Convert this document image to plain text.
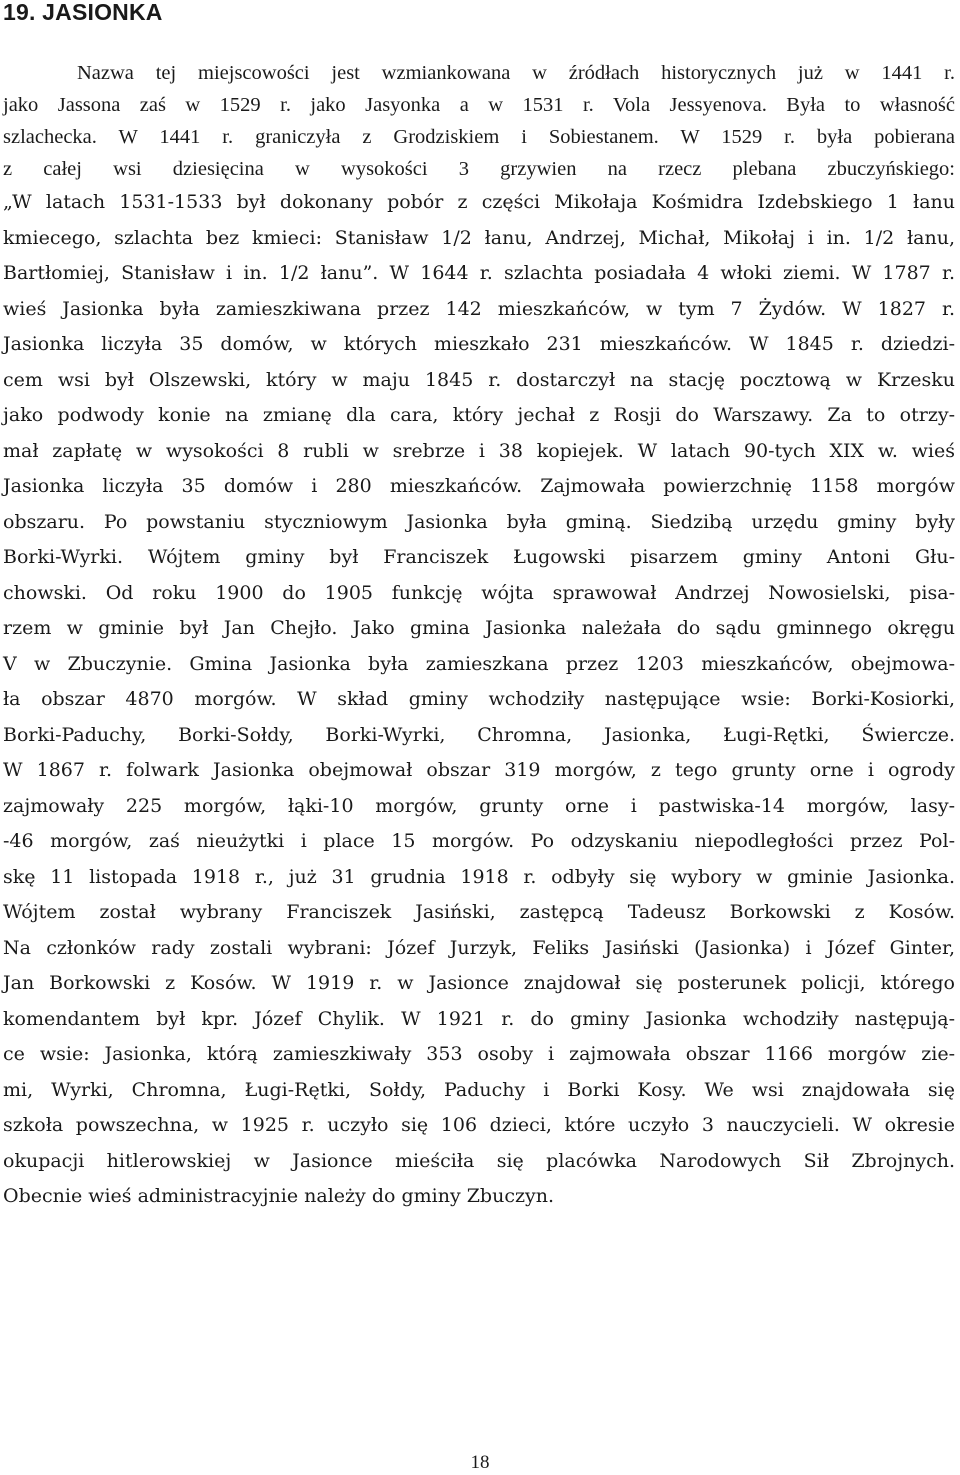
19. JASIONKA
Nazwa tej miejscowości jest wzmiankowana w źródłach historycznych już w 1441 r.
jako Jassona zaś w 1529 r. jako Jasyonka a w 1531 r. Vola Jessyenova. Była to własność
szlachecka. W 1441 r. graniczyła z Grodziskiem i Sobiestanem. W 1529 r. była pobierana
z całej wsi dziesięcina w wysokości 3 grzywien na rzecz plebana zbuczyńskiego:
„W latach 1531-1533 był dokonany pobór z części Mikołaja Kośmidra Izdebskiego 1 łanu
kmiecego, szlachta bez kmieci: Stanisław 1/2 łanu, Andrzej, Michał, Mikołaj i in. 1/2 łanu,
Bartłomiej, Stanisław i in. 1/2 łanu”. W 1644 r. szlachta posiadała 4 włoki ziemi. W 1787 r.
wieś Jasionka była zamieszkiwana przez 142 mieszkańców, w tym 7 Żydów. W 1827 r.
Jasionka liczyła 35 domów, w których mieszkało 231 mieszkańców. W 1845 r. dziedzi-
cem wsi był Olszewski, który w maju 1845 r. dostarczył na stację pocztową w Krzesku
jako podwody konie na zmianę dla cara, który jechał z Rosji do Warszawy. Za to otrzy-
mał zapłatę w wysokości 8 rubli w srebrze i 38 kopiejek. W latach 90-tych XIX w. wieś
Jasionka liczyła 35 domów i 280 mieszkańców. Zajmowała powierzchnię 1158 morgów
obszaru. Po powstaniu styczniowym Jasionka była gminą. Siedzibą urzędu gminy były
Borki-Wyrki. Wójtem gminy był Franciszek Ługowski pisarzem gminy Antoni Głu-
chowski. Od roku 1900 do 1905 funkcję wójta sprawował Andrzej Nowosielski, pisa-
rzem w gminie był Jan Chejło. Jako gmina Jasionka należała do sądu gminnego okręgu
V w Zbuczynie. Gmina Jasionka była zamieszkana przez 1203 mieszkańców, obejmowa-
ła obszar 4870 morgów. W skład gminy wchodziły następujące wsie: Borki-Kosiorki,
Borki-Paduchy, Borki-Sołdy, Borki-Wyrki, Chromna, Jasionka, Ługi-Rętki, Świercze.
W 1867 r. folwark Jasionka obejmował obszar 319 morgów, z tego grunty orne i ogrody
zajmowały 225 morgów, łąki-10 morgów, grunty orne i pastwiska-14 morgów, lasy-
-46 morgów, zaś nieużytki i place 15 morgów. Po odzyskaniu niepodległości przez Pol-
skę 11 listopada 1918 r., już 31 grudnia 1918 r. odbyły się wybory w gminie Jasionka.
Wójtem został wybrany Franciszek Jasiński, zastępcą Tadeusz Borkowski z Kosów.
Na członków rady zostali wybrani: Józef Jurzyk, Feliks Jasiński (Jasionka) i Józef Ginter,
Jan Borkowski z Kosów. W 1919 r. w Jasionce znajdował się posterunek policji, którego
komendantem był kpr. Józef Chylik. W 1921 r. do gminy Jasionka wchodziły następują-
ce wsie: Jasionka, którą zamieszkiwały 353 osoby i zajmowała obszar 1166 morgów zie-
mi, Wyrki, Chromna, Ługi-Rętki, Sołdy, Paduchy i Borki Kosy. We wsi znajdowała się
szkoła powszechna, w 1925 r. uczyło się 106 dzieci, które uczyło 3 nauczycieli. W okresie
okupacji hitlerowskiej w Jasionce mieściła się placówka Narodowych Sił Zbrojnych.
Obecnie wieś administracyjnie należy do gminy Zbuczyn.
18
